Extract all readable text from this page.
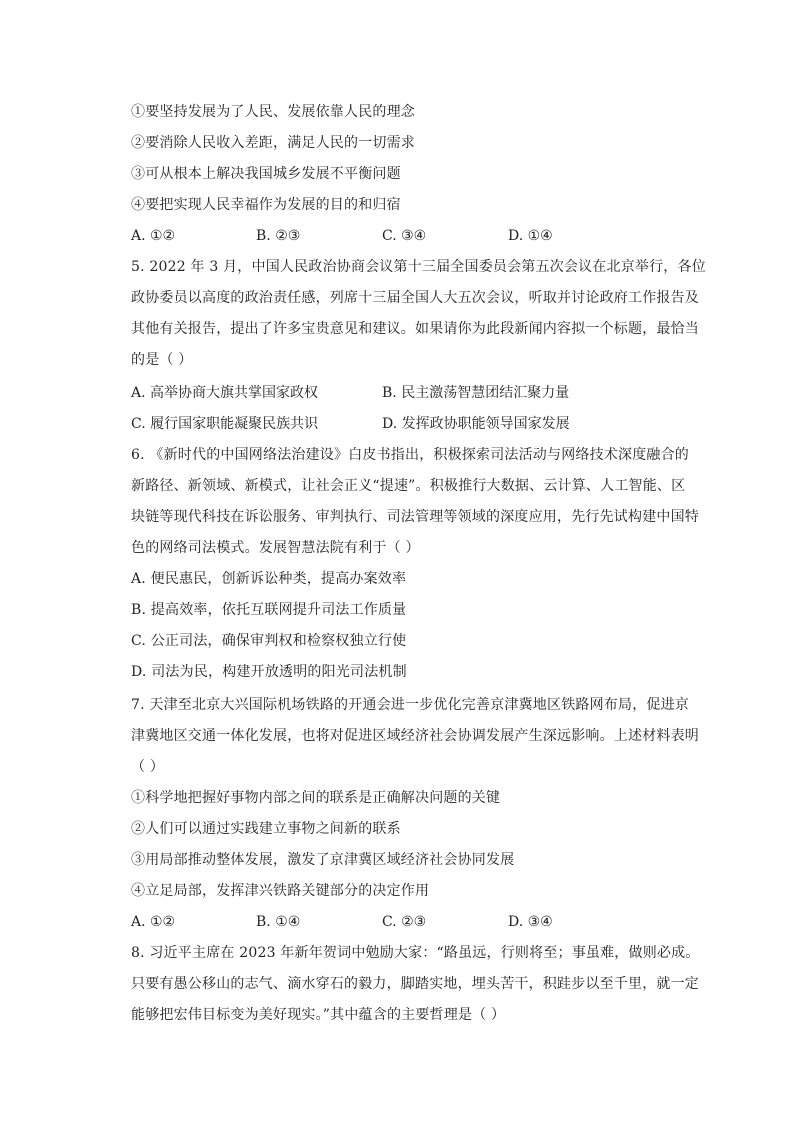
①要坚持发展为了人民、发展依靠人民的理念
②要消除人民收入差距，满足人民的一切需求
③可从根本上解决我国城乡发展不平衡问题
④要把实现人民幸福作为发展的目的和归宿
A. ①②	B. ②③	C. ③④	D. ①④
5. 2022 年 3 月，中国人民政治协商会议第十三届全国委员会第五次会议在北京举行，各位
政协委员以高度的政治责任感，列席十三届全国人大五次会议，听取并讨论政府工作报告及
其他有关报告，提出了许多宝贵意见和建议。如果请你为此段新闻内容拟一个标题，最恰当
的是（ ）
A. 高举协商大旗共掌国家政权	B. 民主激荡智慧团结汇聚力量
C. 履行国家职能凝聚民族共识	D. 发挥政协职能领导国家发展
6. 《新时代的中国网络法治建设》白皮书指出，积极探索司法活动与网络技术深度融合的
新路径、新领域、新模式，让社会正义“提速”。积极推行大数据、云计算、人工智能、区
块链等现代科技在诉讼服务、审判执行、司法管理等领域的深度应用，先行先试构建中国特
色的网络司法模式。发展智慧法院有利于（ ）
A. 便民惠民，创新诉讼种类，提高办案效率
B. 提高效率，依托互联网提升司法工作质量
C. 公正司法，确保审判权和检察权独立行使
D. 司法为民，构建开放透明的阳光司法机制
7. 天津至北京大兴国际机场铁路的开通会进一步优化完善京津冀地区铁路网布局，促进京
津冀地区交通一体化发展，也将对促进区域经济社会协调发展产生深远影响。上述材料表明
（ ）
①科学地把握好事物内部之间的联系是正确解决问题的关键
②人们可以通过实践建立事物之间新的联系
③用局部推动整体发展，激发了京津冀区域经济社会协同发展
④立足局部，发挥津兴铁路关键部分的决定作用
A. ①②	B. ①④	C. ②③	D. ③④
8. 习近平主席在 2023 年新年贺词中勉励大家：“路虽远，行则将至；事虽难，做则必成。
只要有愚公移山的志气、滴水穿石的毅力，脚踏实地，埋头苦干，积跬步以至千里，就一定
能够把宏伟目标变为美好现实。”其中蕴含的主要哲理是（ ）
